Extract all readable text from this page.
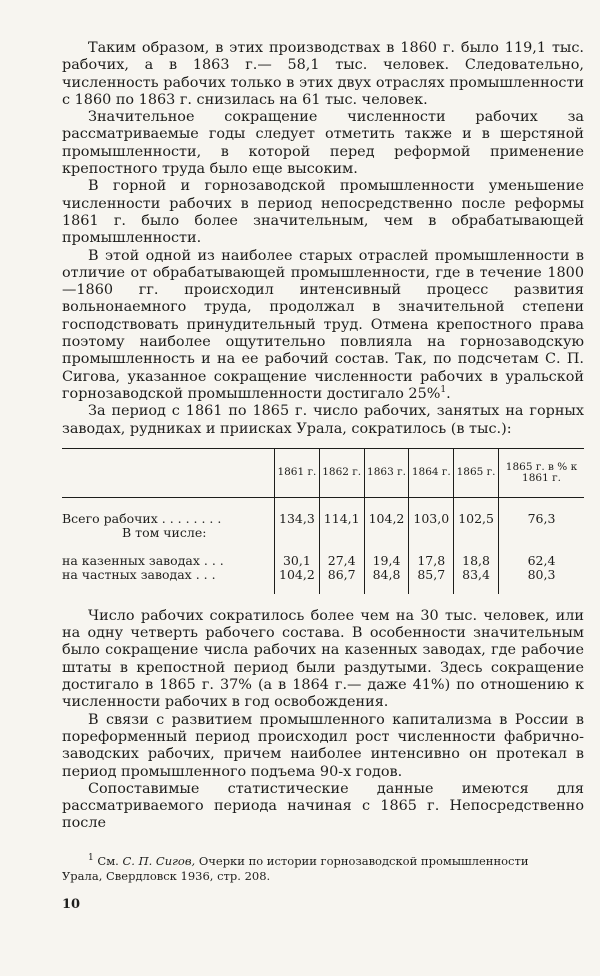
Таким образом, в этих производствах в 1860 г. было 119,1 тыс. рабочих, а в 1863 г.— 58,1 тыс. человек. Следовательно, численность рабочих только в этих двух отраслях промышленности с 1860 по 1863 г. снизилась на 61 тыс. человек.

Значительное сокращение численности рабочих за рассматриваемые годы следует отметить также и в шерстяной промышленности, в которой перед реформой применение крепостного труда было еще высоким.

В горной и горнозаводской промышленности уменьшение численности рабочих в период непосредственно после реформы 1861 г. было более значительным, чем в обрабатывающей промышленности.

В этой одной из наиболее старых отраслей промышленности в отличие от обрабатывающей промышленности, где в течение 1800—1860 гг. происходил интенсивный процесс развития вольнонаемного труда, продолжал в значительной степени господствовать принудительный труд. Отмена крепостного права поэтому наиболее ощутительно повлияла на горнозаводскую промышленность и на ее рабочий состав. Так, по подсчетам С. П. Сигова, указанное сокращение численности рабочих в уральской горнозаводской промышленности достигало 25%$^1$.

За период с 1861 по 1865 г. число рабочих, занятых на горных заводах, рудниках и приисках Урала, сократилось (в тыс.):

	1861 г.	1862 г.	1863 г.	1864 г.	1865 г.	1865 г. в % к 1861 г.

Всего рабочих . . . . . . . .	134,3	114,1	104,2	103,0	102,5	76,3
В том числе:						

на казенных заводах . . .	30,1	27,4	19,4	17,8	18,8	62,4
на частных заводах . . .	104,2	86,7	84,8	85,7	83,4	80,3

Число рабочих сократилось более чем на 30 тыс. человек, или на одну четверть рабочего состава. В особенности значительным было сокращение числа рабочих на казенных заводах, где рабочие штаты в крепостной период были раздутыми. Здесь сокращение достигало в 1865 г. 37% (а в 1864 г.— даже 41%) по отношению к численности рабочих в год освобождения.

В связи с развитием промышленного капитализма в России в пореформенный период происходил рост численности фабрично-заводских рабочих, причем наиболее интенсивно он протекал в период промышленного подъема 90-х годов.

Сопоставимые статистические данные имеются для рассматриваемого периода начиная с 1865 г. Непосредственно после

$^1$ См. С. П. Сигов, Очерки по истории горнозаводской промышленности
Урала, Свердловск 1936, стр. 208.
10
